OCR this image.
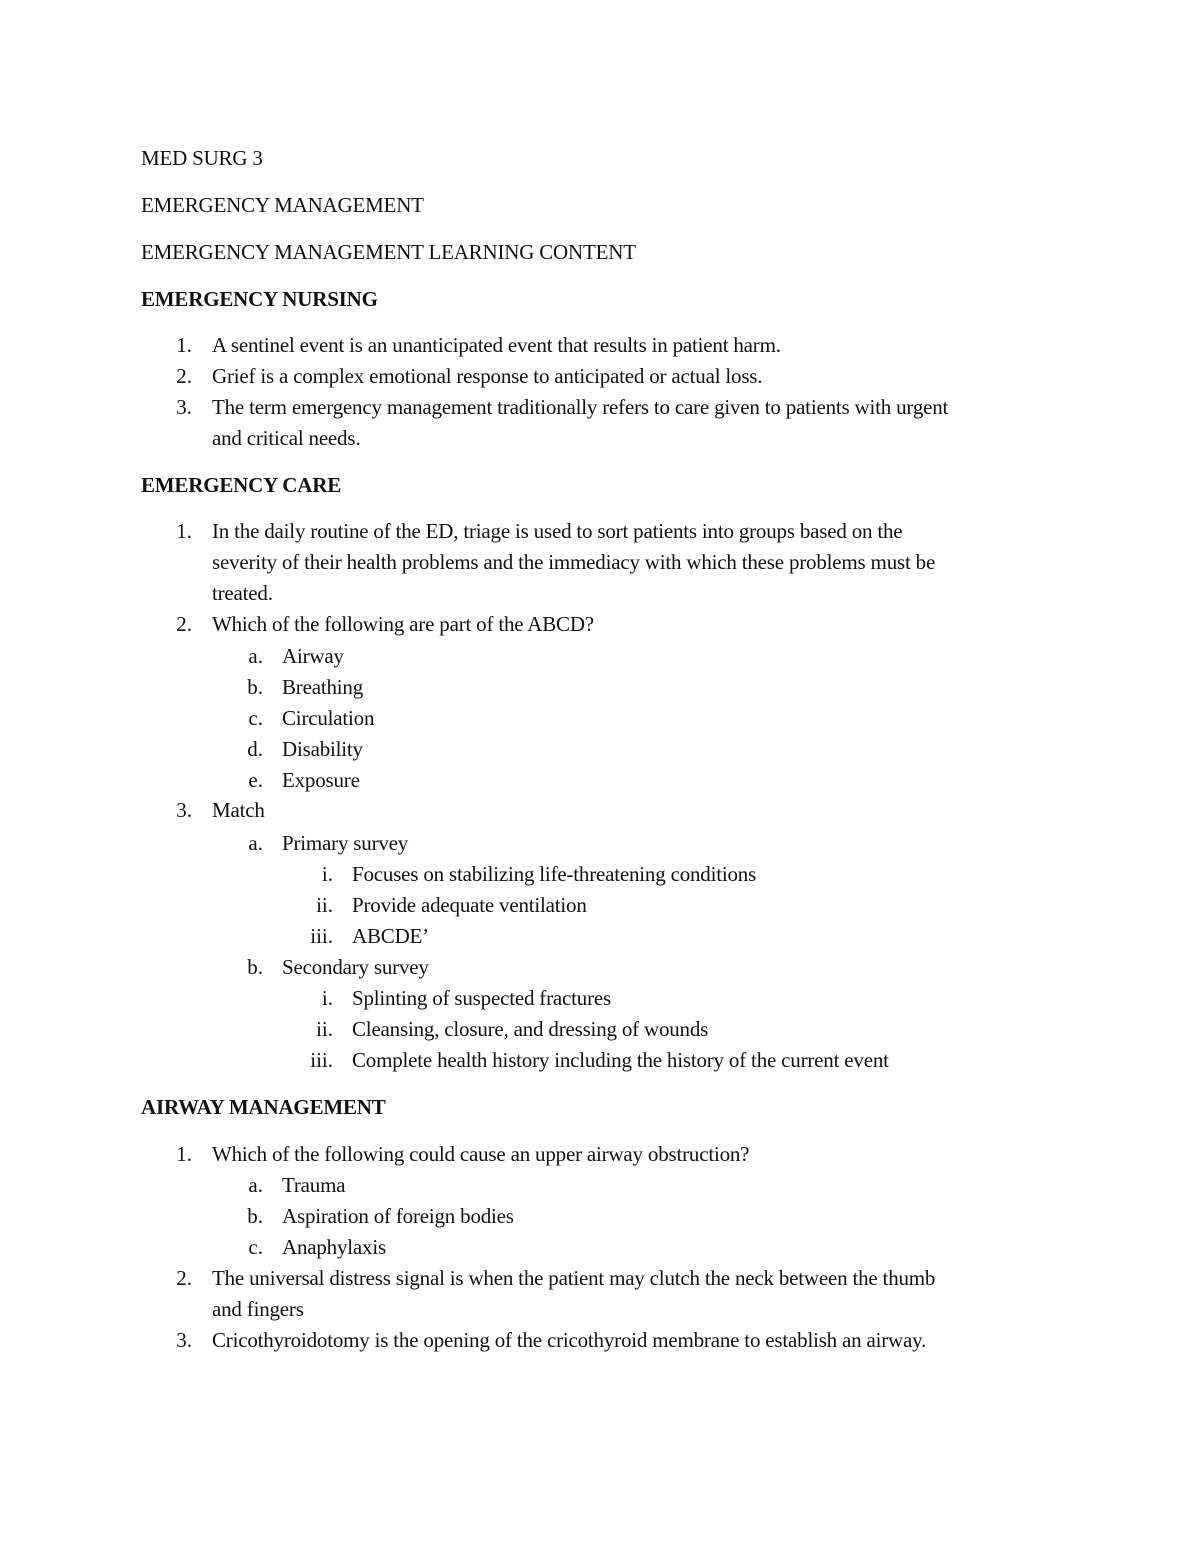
MED SURG 3
EMERGENCY MANAGEMENT
EMERGENCY MANAGEMENT LEARNING CONTENT
EMERGENCY NURSING
1. A sentinel event is an unanticipated event that results in patient harm.
2. Grief is a complex emotional response to anticipated or actual loss.
3. The term emergency management traditionally refers to care given to patients with urgent
and critical needs.
EMERGENCY CARE
1. In the daily routine of the ED, triage is used to sort patients into groups based on the
severity of their health problems and the immediacy with which these problems must be
treated.
2. Which of the following are part of the ABCD?
a. Airway
b. Breathing
c. Circulation
d. Disability
e. Exposure
3. Match
a. Primary survey
i. Focuses on stabilizing life-threatening conditions
ii. Provide adequate ventilation
iii. ABCDE’
b. Secondary survey
i. Splinting of suspected fractures
ii. Cleansing, closure, and dressing of wounds
iii. Complete health history including the history of the current event
AIRWAY MANAGEMENT
1. Which of the following could cause an upper airway obstruction?
a. Trauma
b. Aspiration of foreign bodies
c. Anaphylaxis
2. The universal distress signal is when the patient may clutch the neck between the thumb
and fingers
3. Cricothyroidotomy is the opening of the cricothyroid membrane to establish an airway.
